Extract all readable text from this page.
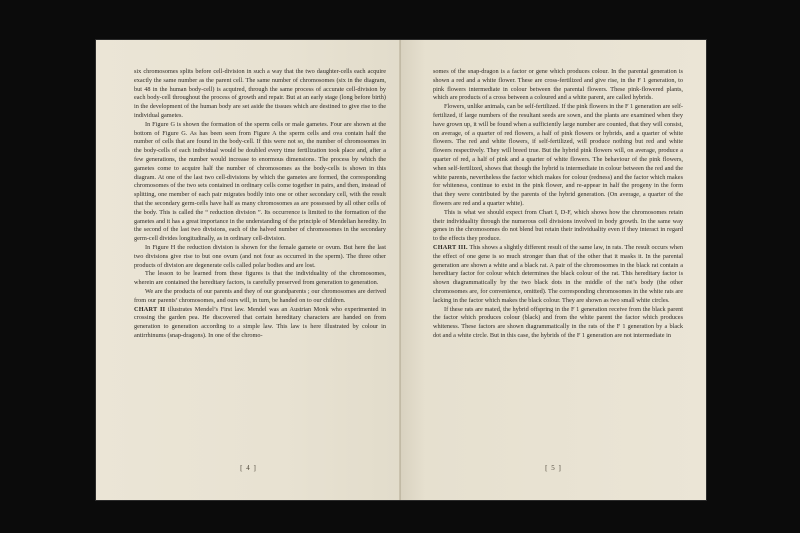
six chromosomes splits before cell-division in such a way that the two daughter-cells each acquire exactly the same number as the parent cell. The same number of chromosomes (six in the diagram, but 48 in the human body-cell) is acquired, through the same process of accurate cell-division by each body-cell throughout the process of growth and repair. But at an early stage (long before birth) in the development of the human body are set aside the tissues which are destined to give rise to the individual gametes.

In Figure G is shown the formation of the sperm cells or male gametes. Four are shown at the bottom of Figure G. As has been seen from Figure A the sperm cells and ova contain half the number of cells that are found in the body-cell. If this were not so, the number of chromosomes in the body-cells of each individual would be doubled every time fertilization took place and, after a few generations, the number would increase to enormous dimensions. The process by which the gametes come to acquire half the number of chromosomes as the body-cells is shown in this diagram. At one of the last two cell-divisions by which the gametes are formed, the corresponding chromosomes of the two sets contained in ordinary cells come together in pairs, and then, instead of splitting, one member of each pair migrates bodily into one or other secondary cell, with the result that the secondary germ-cells have half as many chromosomes as are possessed by all other cells of the body. This is called the “ reduction division ”. Its occurrence is limited to the formation of the gametes and it has a great importance in the understanding of the principle of Mendelian heredity. In the second of the last two divisions, each of the halved number of chromosomes in the secondary germ-cell divides longitudinally, as in ordinary cell-division.

In Figure H the reduction division is shown for the female gamete or ovum. But here the last two divisions give rise to but one ovum (and not four as occurred in the sperm). The three other products of division are degenerate cells called polar bodies and are lost.

The lesson to be learned from these figures is that the individuality of the chromosomes, wherein are contained the hereditary factors, is carefully preserved from generation to generation.

We are the products of our parents and they of our grandparents ; our chromosomes are derived from our parents’ chromosomes, and ours will, in turn, be handed on to our children.

CHART II illustrates Mendel’s First law. Mendel was an Austrian Monk who experimented in crossing the garden pea. He discovered that certain hereditary characters are handed on from generation to generation according to a simple law. This law is here illustrated by colour in antirrhinums (snap-dragons). In one of the chromo-

[ 4 ]

somes of the snap-dragon is a factor or gene which produces colour. In the parental generation is shown a red and a white flower. These are cross-fertilized and give rise, in the F 1 generation, to pink flowers intermediate in colour between the parental flowers. These pink-flowered plants, which are products of a cross between a coloured and a white parent, are called hybrids.

Flowers, unlike animals, can be self-fertilized. If the pink flowers in the F 1 generation are self-fertilized, if large numbers of the resultant seeds are sown, and the plants are examined when they have grown up, it will be found when a sufficiently large number are counted, that they will consist, on average, of a quarter of red flowers, a half of pink flowers or hybrids, and a quarter of white flowers. The red and white flowers, if self-fertilized, will produce nothing but red and white flowers respectively. They will breed true. But the hybrid pink flowers will, on average, produce a quarter of red, a half of pink and a quarter of white flowers. The behaviour of the pink flowers, when self-fertilized, shows that though the hybrid is intermediate in colour between the red and the white parents, nevertheless the factor which makes for colour (redness) and the factor which makes for whiteness, continue to exist in the pink flower, and re-appear in half the progeny in the form that they were contributed by the parents of the hybrid generation. (On average, a quarter of the flowers are red and a quarter white).

This is what we should expect from Chart I, D-F, which shows how the chromosomes retain their individuality through the numerous cell divisions involved in body growth. In the same way genes in the chromosomes do not blend but retain their individuality even if they interact in regard to the effects they produce.

CHART III. This shows a slightly different result of the same law, in rats. The result occurs when the effect of one gene is so much stronger than that of the other that it masks it. In the parental generation are shown a white and a black rat. A pair of the chromosomes in the black rat contain a hereditary factor for colour which determines the black colour of the rat. This hereditary factor is shown diagrammatically by the two black dots in the middle of the rat’s body (the other chromosomes are, for convenience, omitted). The corresponding chromosomes in the white rats are lacking in the factor which makes the black colour. They are shown as two small white circles.

If these rats are mated, the hybrid offspring in the F 1 generation receive from the black parent the factor which produces colour (black) and from the white parent the factor which produces whiteness. These factors are shown diagrammatically in the rats of the F 1 generation by a black dot and a white circle. But in this case, the hybrids of the F 1 generation are not intermediate in

[ 5 ]
